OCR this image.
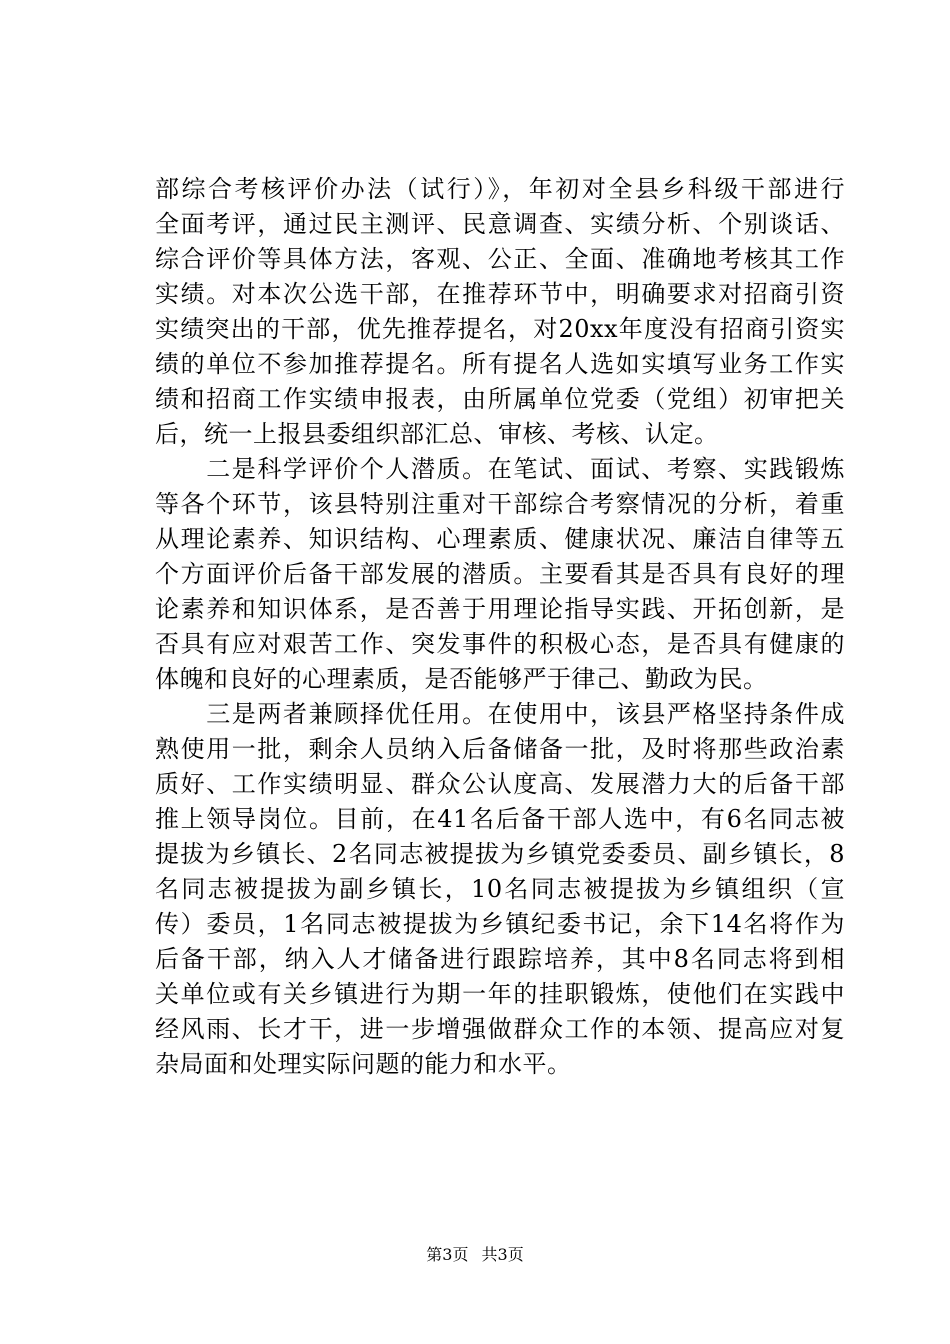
部综合考核评价办法（试行）》，年初对全县乡科级干部进行
全面考评，通过民主测评、民意调查、实绩分析、个别谈话、
综合评价等具体方法，客观、公正、全面、准确地考核其工作
实绩。对本次公选干部，在推荐环节中，明确要求对招商引资
实绩突出的干部，优先推荐提名，对20xx年度没有招商引资实
绩的单位不参加推荐提名。所有提名人选如实填写业务工作实
绩和招商工作实绩申报表，由所属单位党委（党组）初审把关
后，统一上报县委组织部汇总、审核、考核、认定。
　　二是科学评价个人潜质。在笔试、面试、考察、实践锻炼
等各个环节，该县特别注重对干部综合考察情况的分析，着重
从理论素养、知识结构、心理素质、健康状况、廉洁自律等五
个方面评价后备干部发展的潜质。主要看其是否具有良好的理
论素养和知识体系，是否善于用理论指导实践、开拓创新，是
否具有应对艰苦工作、突发事件的积极心态，是否具有健康的
体魄和良好的心理素质，是否能够严于律己、勤政为民。
　　三是两者兼顾择优任用。在使用中，该县严格坚持条件成
熟使用一批，剩余人员纳入后备储备一批，及时将那些政治素
质好、工作实绩明显、群众公认度高、发展潜力大的后备干部
推上领导岗位。目前，在41名后备干部人选中，有6名同志被
提拔为乡镇长、2名同志被提拔为乡镇党委委员、副乡镇长，8
名同志被提拔为副乡镇长，10名同志被提拔为乡镇组织（宣
传）委员，1名同志被提拔为乡镇纪委书记，余下14名将作为
后备干部，纳入人才储备进行跟踪培养，其中8名同志将到相
关单位或有关乡镇进行为期一年的挂职锻炼，使他们在实践中
经风雨、长才干，进一步增强做群众工作的本领、提高应对复
杂局面和处理实际问题的能力和水平。
第3页 共3页
